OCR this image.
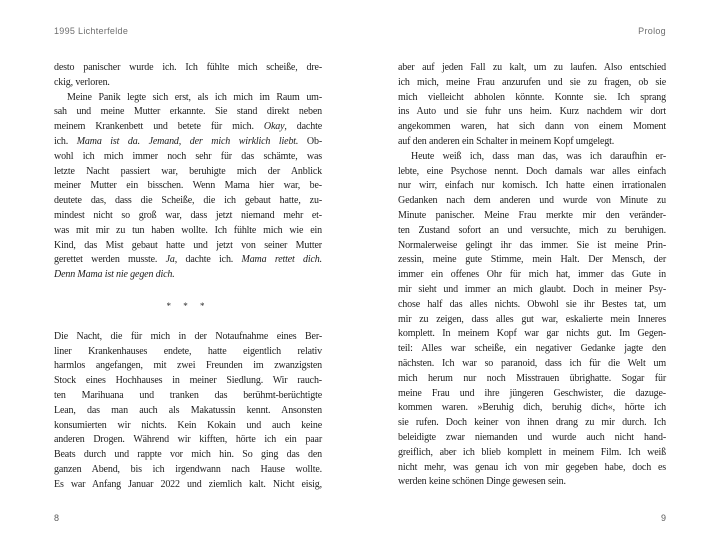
1995 Lichterfelde
desto panischer wurde ich. Ich fühlte mich scheiße, dre-
ckig, verloren.
Meine Panik legte sich erst, als ich mich im Raum um-
sah und meine Mutter erkannte. Sie stand direkt neben
meinem Krankenbett und betete für mich. Okay, dachte
ich. Mama ist da. Jemand, der mich wirklich liebt. Ob-
wohl ich mich immer noch sehr für das schämte, was
letzte Nacht passiert war, beruhigte mich der Anblick
meiner Mutter ein bisschen. Wenn Mama hier war, be-
deutete das, dass die Scheiße, die ich gebaut hatte, zu-
mindest nicht so groß war, dass jetzt niemand mehr et-
was mit mir zu tun haben wollte. Ich fühlte mich wie ein
Kind, das Mist gebaut hatte und jetzt von seiner Mutter
gerettet werden musste. Ja, dachte ich. Mama rettet dich.
Denn Mama ist nie gegen dich.
* * *
Die Nacht, die für mich in der Notaufnahme eines Ber-
liner Krankenhauses endete, hatte eigentlich relativ
harmlos angefangen, mit zwei Freunden im zwanzigsten
Stock eines Hochhauses in meiner Siedlung. Wir rauch-
ten Marihuana und tranken das berühmt-berüchtigte
Lean, das man auch als Makatussin kennt. Ansonsten
konsumierten wir nichts. Kein Kokain und auch keine
anderen Drogen. Während wir kifften, hörte ich ein paar
Beats durch und rappte vor mich hin. So ging das den
ganzen Abend, bis ich irgendwann nach Hause wollte.
Es war Anfang Januar 2022 und ziemlich kalt. Nicht eisig,
8
Prolog
aber auf jeden Fall zu kalt, um zu laufen. Also entschied
ich mich, meine Frau anzurufen und sie zu fragen, ob sie
mich vielleicht abholen könnte. Konnte sie. Ich sprang
ins Auto und sie fuhr uns heim. Kurz nachdem wir dort
angekommen waren, hat sich dann von einem Moment
auf den anderen ein Schalter in meinem Kopf umgelegt.
Heute weiß ich, dass man das, was ich daraufhin er-
lebte, eine Psychose nennt. Doch damals war alles einfach
nur wirr, einfach nur komisch. Ich hatte einen irrationalen
Gedanken nach dem anderen und wurde von Minute zu
Minute panischer. Meine Frau merkte mir den veränder-
ten Zustand sofort an und versuchte, mich zu beruhigen.
Normalerweise gelingt ihr das immer. Sie ist meine Prin-
zessin, meine gute Stimme, mein Halt. Der Mensch, der
immer ein offenes Ohr für mich hat, immer das Gute in
mir sieht und immer an mich glaubt. Doch in meiner Psy-
chose half das alles nichts. Obwohl sie ihr Bestes tat, um
mir zu zeigen, dass alles gut war, eskalierte mein Inneres
komplett. In meinem Kopf war gar nichts gut. Im Gegen-
teil: Alles war scheiße, ein negativer Gedanke jagte den
nächsten. Ich war so paranoid, dass ich für die Welt um
mich herum nur noch Misstrauen übrighatte. Sogar für
meine Frau und ihre jüngeren Geschwister, die dazuge-
kommen waren. »Beruhig dich, beruhig dich«, hörte ich
sie rufen. Doch keiner von ihnen drang zu mir durch. Ich
beleidigte zwar niemanden und wurde auch nicht hand-
greiflich, aber ich blieb komplett in meinem Film. Ich weiß
nicht mehr, was genau ich von mir gegeben habe, doch es
werden keine schönen Dinge gewesen sein.
9
